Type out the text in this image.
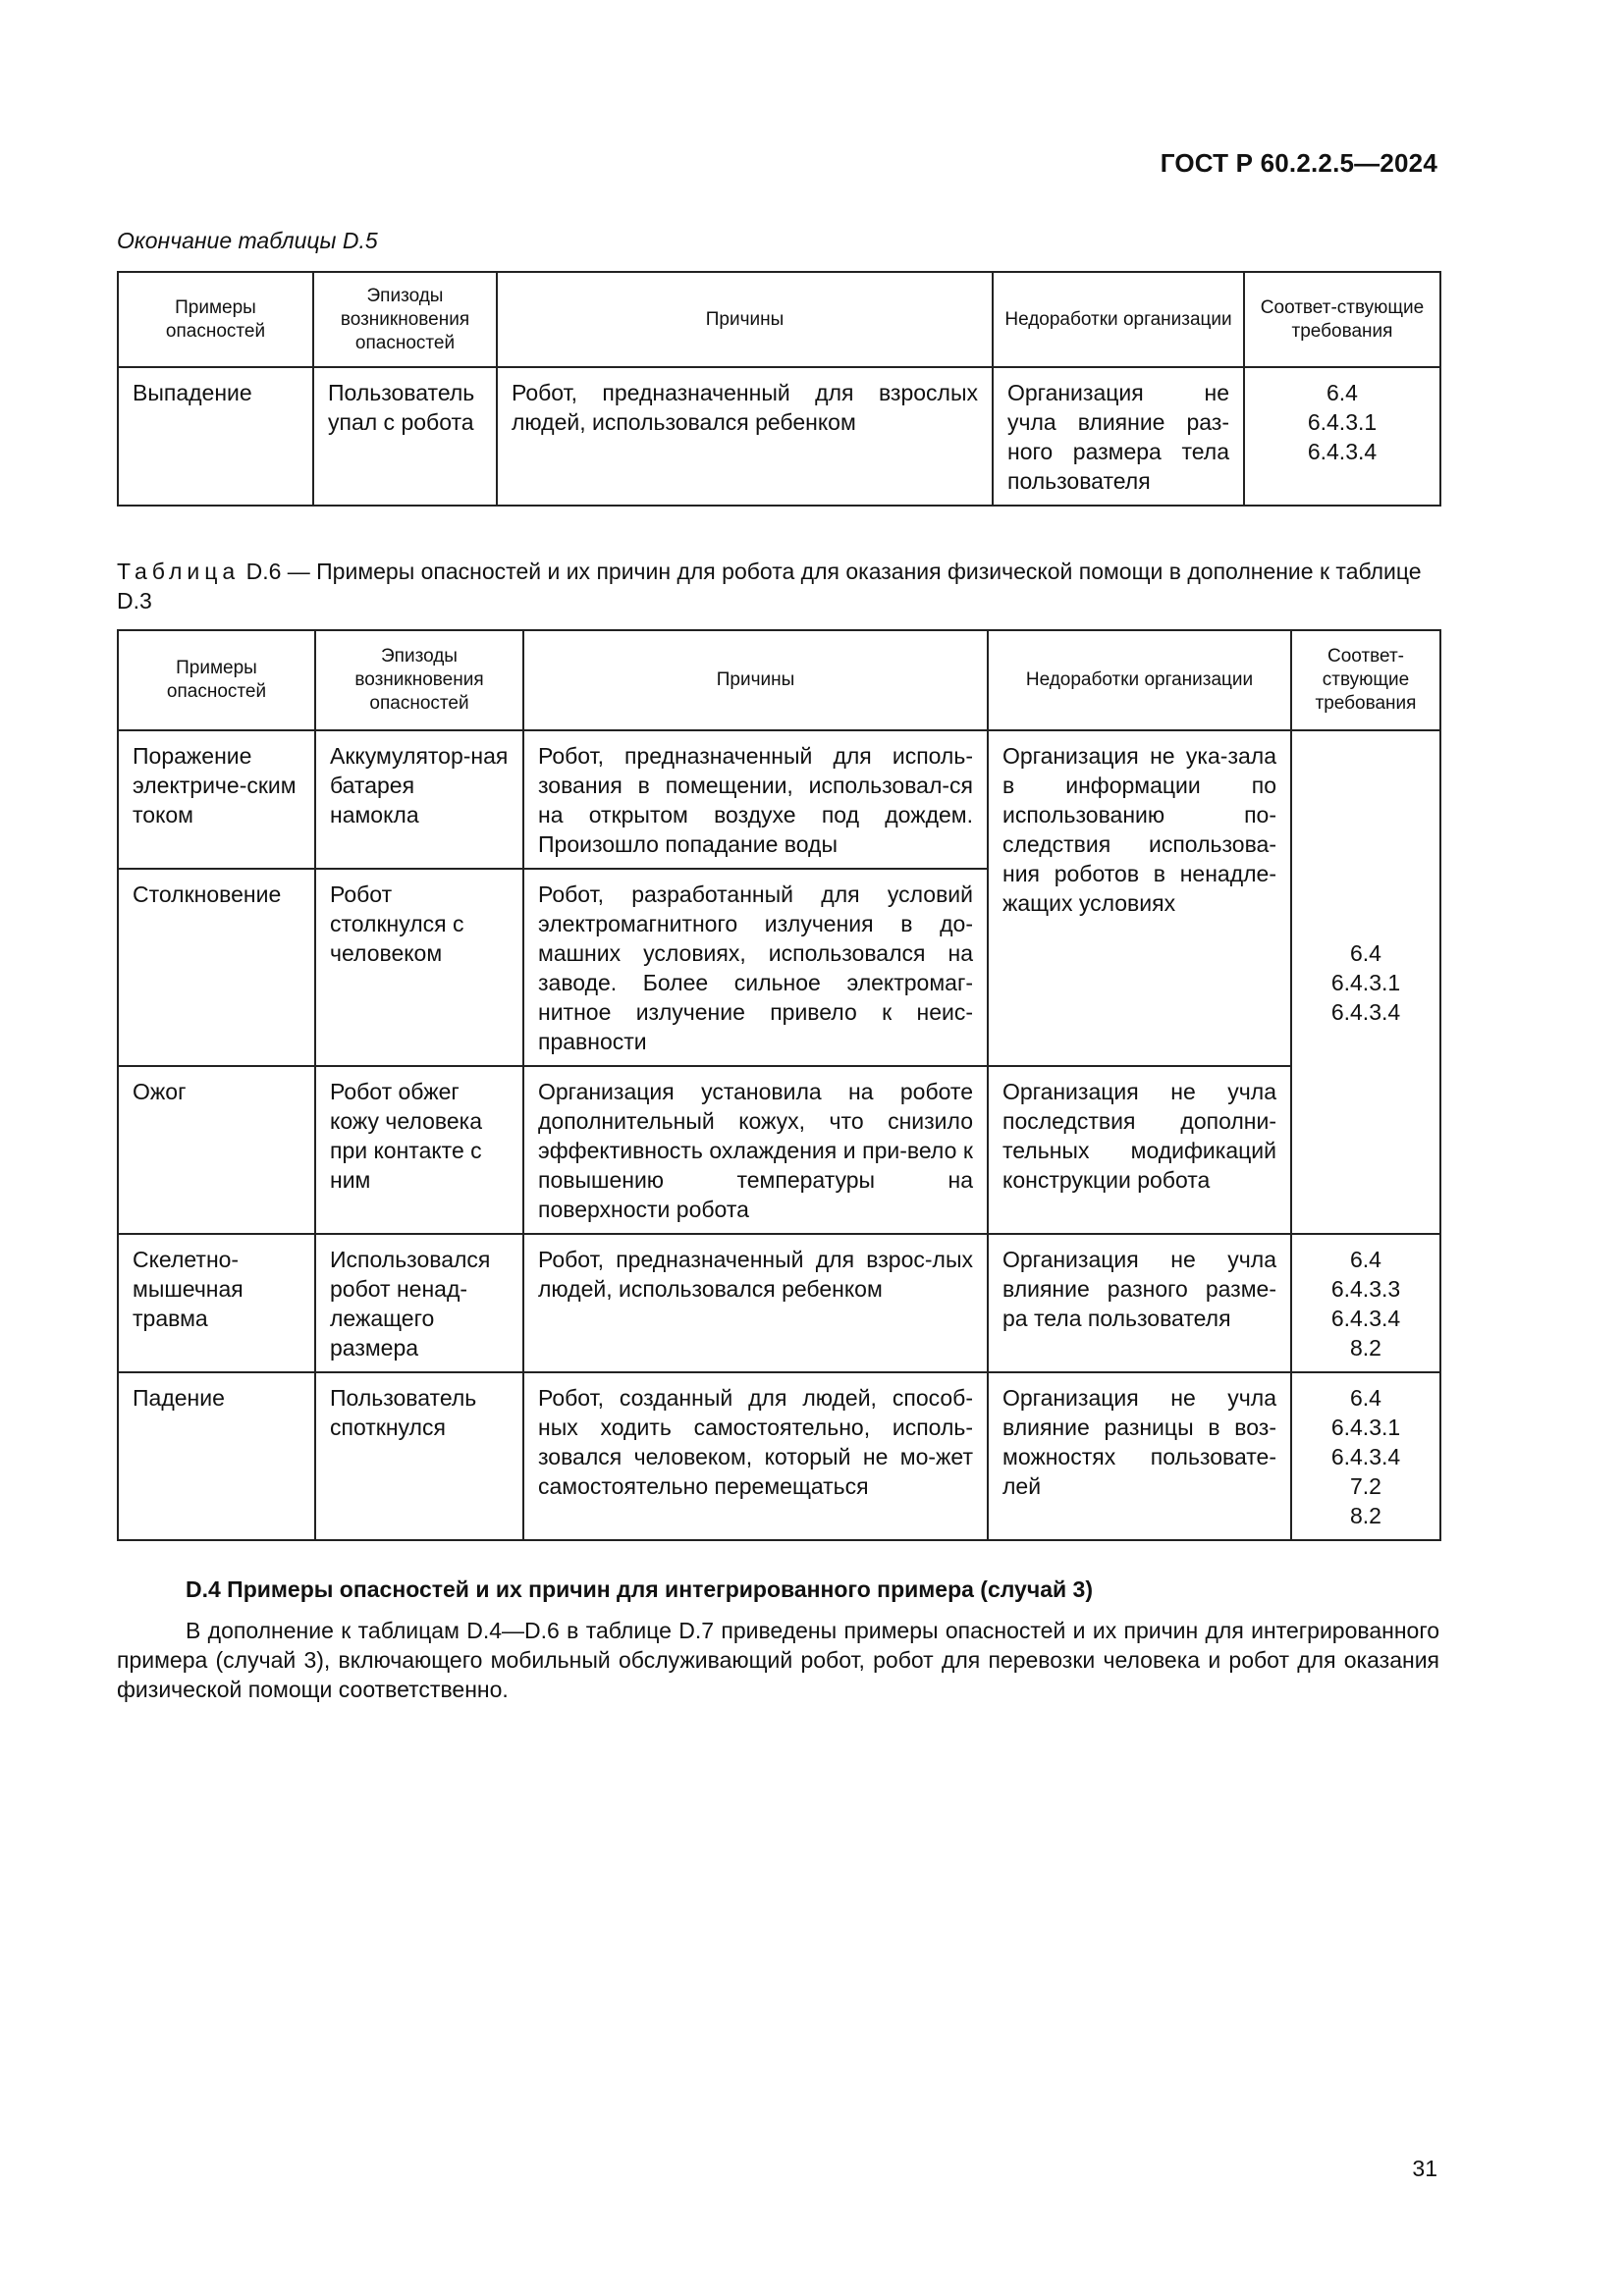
ГОСТ Р 60.2.2.5—2024
Окончание таблицы D.5
Примеры опасностей	Эпизоды возникновения опасностей	Причины	Недоработки организации	Соответ-ствующие требования
Выпадение	Пользователь упал с робота	Робот, предназначенный для взрослых людей, использовался ребенком	Организация не учла влияние раз-ного размера тела пользователя	6.4
6.4.3.1
6.4.3.4
Таблица D.6 — Примеры опасностей и их причин для робота для оказания физической помощи в дополнение к таблице D.3
Примеры опасностей	Эпизоды возникновения опасностей	Причины	Недоработки организации	Соответ-ствующие требования
Поражение электриче-ским током	Аккумулятор-ная батарея намокла	Робот, предназначенный для исполь-зования в помещении, использовал-ся на открытом воздухе под дождем. Произошло попадание воды	Организация не ука-зала в информации по использованию по-следствия использова-ния роботов в ненадле-жащих условиях	6.4
6.4.3.1
6.4.3.4

Столкновение	Робот столкнулся с человеком	Робот, разработанный для условий электромагнитного излучения в до-машних условиях, использовался на заводе. Более сильное электромаг-нитное излучение привело к неис-правности		
Ожог	Робот обжег кожу человека при контакте с ним	Организация установила на роботе дополнительный кожух, что снизило эффективность охлаждения и при-вело к повышению температуры на поверхности робота	Организация не учла последствия дополни-тельных модификаций конструкции робота	
Скелетно-мышечная травма	Использовался робот ненад-лежащего размера	Робот, предназначенный для взрос-лых людей, использовался ребенком	Организация не учла влияние разного разме-ра тела пользователя	6.4
6.4.3.3
6.4.3.4
8.2

Падение	Пользователь споткнулся	Робот, созданный для людей, способ-ных ходить самостоятельно, исполь-зовался человеком, который не мо-жет самостоятельно перемещаться	Организация не учла влияние разницы в воз-можностях пользовате-лей	6.4
6.4.3.1
6.4.3.4
7.2
8.2

D.4 Примеры опасностей и их причин для интегрированного примера (случай 3)

В дополнение к таблицам D.4—D.6 в таблице D.7 приведены примеры опасностей и их причин для интегрированного примера (случай 3), включающего мобильный обслуживающий робот, робот для перевозки человека и робот для оказания физической помощи соответственно.

31
